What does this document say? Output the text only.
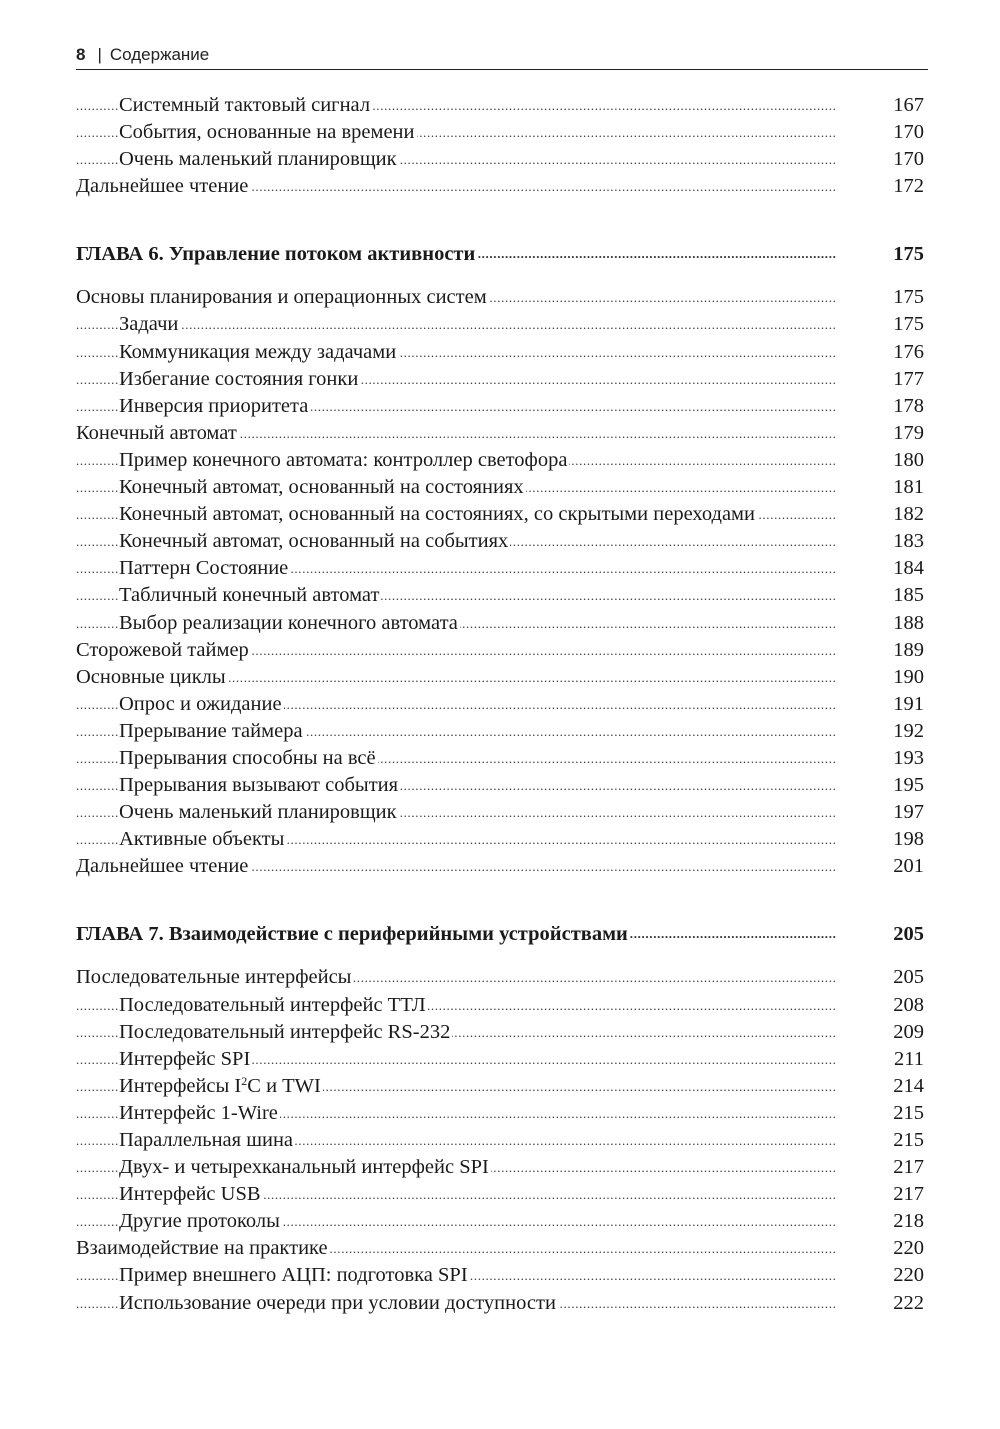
8 | Содержание
. . . Системный тактовый сигнал	167
. . . События, основанные на времени	170
. . . Очень маленький планировщик	170
. . . Дальнейшее чтение	172
. . . ГЛАВА 6. Управление потоком активности	175
. . . Основы планирования и операционных систем	175
. . . Задачи	175
. . . Коммуникация между задачами	176
. . . Избегание состояния гонки	177
. . . Инверсия приоритета	178
. . . Конечный автомат	179
. . . Пример конечного автомата: контроллер светофора	180
. . . Конечный автомат, основанный на состояниях	181
. . . Конечный автомат, основанный на состояниях, со скрытыми переходами	182
. . . Конечный автомат, основанный на событиях	183
. . . Паттерн Состояние	184
. . . Табличный конечный автомат	185
. . . Выбор реализации конечного автомата	188
. . . Сторожевой таймер	189
. . . Основные циклы	190
. . . Опрос и ожидание	191
. . . Прерывание таймера	192
. . . Прерывания способны на всё	193
. . . Прерывания вызывают события	195
. . . Очень маленький планировщик	197
. . . Активные объекты	198
. . . Дальнейшее чтение	201
. . . ГЛАВА 7. Взаимодействие с периферийными устройствами	205
. . . Последовательные интерфейсы	205
. . . Последовательный интерфейс ТТЛ	208
. . . Последовательный интерфейс RS-232	209
. . . Интерфейс SPI	211
. . . Интерфейсы $I^2C$ и TWI	214
. . . Интерфейс 1-Wire	215
. . . Параллельная шина	215
. . . Двух- и четырехканальный интерфейс SPI	217
. . . Интерфейс USB	217
. . . Другие протоколы	218
. . . Взаимодействие на практике	220
. . . Пример внешнего АЦП: подготовка SPI	220
. . . Использование очереди при условии доступности	222
